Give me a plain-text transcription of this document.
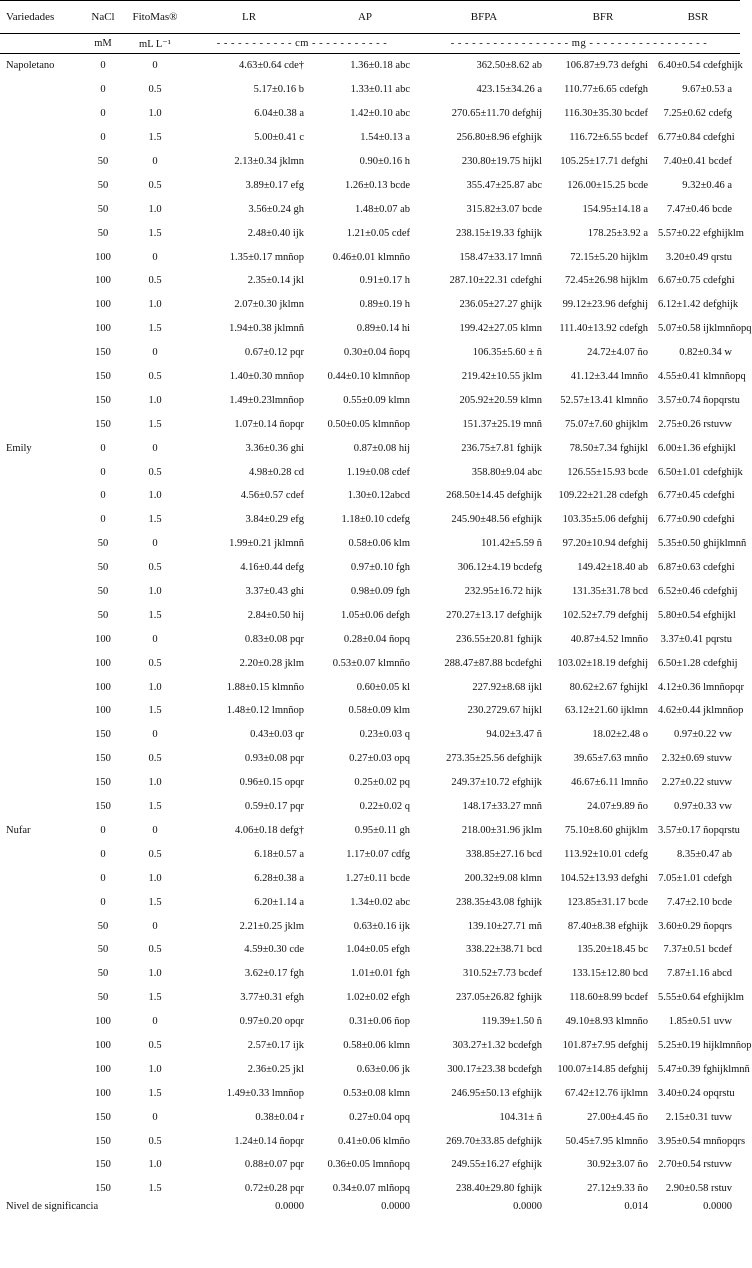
Variedades	NaCl	FitoMas®	LR	AP	BFPA	BFR	BSR
	mM	mL L⁻¹	- - - - - - - - - - - cm - - - - - - - - - - -		- - - - - - - - - - - - - - - - - mg - - - - - - - - - - - - - - - - -		
Napoletano	0	0	4.63±0.64 cde†	1.36±0.18 abc	362.50±8.62 ab	106.87±9.73 defghi	6.40±0.54 cdefghijk
	0	0.5	5.17±0.16 b	1.33±0.11 abc	423.15±34.26 a	110.77±6.65 cdefgh	9.67±0.53 a
	0	1.0	6.04±0.38 a	1.42±0.10 abc	270.65±11.70 defghij	116.30±35.30 bcdef	7.25±0.62 cdefg
	0	1.5	5.00±0.41 c	1.54±0.13 a	256.80±8.96 efghijk	116.72±6.55 bcdef	6.77±0.84 cdefghi
	50	0	2.13±0.34 jklmn	0.90±0.16 h	230.80±19.75 hijkl	105.25±17.71 defghi	7.40±0.41 bcdef
	50	0.5	3.89±0.17 efg	1.26±0.13 bcde	355.47±25.87 abc	126.00±15.25 bcde	9.32±0.46 a
	50	1.0	3.56±0.24 gh	1.48±0.07 ab	315.82±3.07 bcde	154.95±14.18 a	7.47±0.46 bcde
	50	1.5	2.48±0.40 ijk	1.21±0.05 cdef	238.15±19.33 fghijk	178.25±3.92 a	5.57±0.22 efghijklm
	100	0	1.35±0.17 mnñop	0.46±0.01 klmnño	158.47±33.17 lmnñ	72.15±5.20 hijklm	3.20±0.49 qrstu
	100	0.5	2.35±0.14 jkl	0.91±0.17 h	287.10±22.31 cdefghi	72.45±26.98 hijklm	6.67±0.75 cdefghi
	100	1.0	2.07±0.30 jklmn	0.89±0.19 h	236.05±27.27 ghijk	99.12±23.96 defghij	6.12±1.42 defghijk
	100	1.5	1.94±0.38 jklmnñ	0.89±0.14 hi	199.42±27.05 klmn	111.40±13.92 cdefgh	5.07±0.58 ijklmnñopq
	150	0	0.67±0.12 pqr	0.30±0.04 ñopq	106.35±5.60 ± ñ	24.72±4.07 ño	0.82±0.34 w
	150	0.5	1.40±0.30 mnñop	0.44±0.10 klmnñop	219.42±10.55 jklm	41.12±3.44 lmnño	4.55±0.41 klmnñopq
	150	1.0	1.49±0.23lmnñop	0.55±0.09 klmn	205.92±20.59 klmn	52.57±13.41 klmnño	3.57±0.74 ñopqrstu
	150	1.5	1.07±0.14 ñopqr	0.50±0.05 klmnñop	151.37±25.19 mnñ	75.07±7.60 ghijklm	2.75±0.26 rstuvw
Emily	0	0	3.36±0.36 ghi	0.87±0.08 hij	236.75±7.81 fghijk	78.50±7.34 fghijkl	6.00±1.36 efghijkl
	0	0.5	4.98±0.28 cd	1.19±0.08 cdef	358.80±9.04 abc	126.55±15.93 bcde	6.50±1.01 cdefghijk
	0	1.0	4.56±0.57 cdef	1.30±0.12abcd	268.50±14.45 defghijk	109.22±21.28 cdefgh	6.77±0.45 cdefghi
	0	1.5	3.84±0.29 efg	1.18±0.10 cdefg	245.90±48.56 efghijk	103.35±5.06 defghij	6.77±0.90 cdefghi
	50	0	1.99±0.21 jklmnñ	0.58±0.06 klm	101.42±5.59 ñ	97.20±10.94 defghij	5.35±0.50 ghijklmnñ
	50	0.5	4.16±0.44 defg	0.97±0.10 fgh	306.12±4.19 bcdefg	149.42±18.40 ab	6.87±0.63 cdefghi
	50	1.0	3.37±0.43 ghi	0.98±0.09 fgh	232.95±16.72 hijk	131.35±31.78 bcd	6.52±0.46 cdefghij
	50	1.5	2.84±0.50 hij	1.05±0.06 defgh	270.27±13.17 defghijk	102.52±7.79 defghij	5.80±0.54 efghijkl
	100	0	0.83±0.08 pqr	0.28±0.04 ñopq	236.55±20.81 fghijk	40.87±4.52 lmnño	3.37±0.41 pqrstu
	100	0.5	2.20±0.28 jklm	0.53±0.07 klmnño	288.47±87.88 bcdefghi	103.02±18.19 defghij	6.50±1.28 cdefghij
	100	1.0	1.88±0.15 klmnño	0.60±0.05 kl	227.92±8.68 ijkl	80.62±2.67 fghijkl	4.12±0.36 lmnñopqr
	100	1.5	1.48±0.12 lmnñop	0.58±0.09 klm	230.2729.67 hijkl	63.12±21.60 ijklmn	4.62±0.44 jklmnñop
	150	0	0.43±0.03 qr	0.23±0.03 q	94.02±3.47 ñ	18.02±2.48 o	0.97±0.22 vw
	150	0.5	0.93±0.08 pqr	0.27±0.03 opq	273.35±25.56 defghijk	39.65±7.63 mnño	2.32±0.69 stuvw
	150	1.0	0.96±0.15 opqr	0.25±0.02 pq	249.37±10.72 efghijk	46.67±6.11 lmnño	2.27±0.22 stuvw
	150	1.5	0.59±0.17 pqr	0.22±0.02 q	148.17±33.27 mnñ	24.07±9.89 ño	0.97±0.33 vw
Nufar	0	0	4.06±0.18 defg†	0.95±0.11 gh	218.00±31.96 jklm	75.10±8.60 ghijklm	3.57±0.17 ñopqrstu
	0	0.5	6.18±0.57 a	1.17±0.07 cdfg	338.85±27.16 bcd	113.92±10.01 cdefg	8.35±0.47 ab
	0	1.0	6.28±0.38 a	1.27±0.11 bcde	200.32±9.08 klmn	104.52±13.93 defghi	7.05±1.01 cdefgh
	0	1.5	6.20±1.14 a	1.34±0.02 abc	238.35±43.08 fghijk	123.85±31.17 bcde	7.47±2.10 bcde
	50	0	2.21±0.25 jklm	0.63±0.16 ijk	139.10±27.71 mñ	87.40±8.38 efghijk	3.60±0.29 ñopqrs
	50	0.5	4.59±0.30 cde	1.04±0.05 efgh	338.22±38.71 bcd	135.20±18.45 bc	7.37±0.51 bcdef
	50	1.0	3.62±0.17 fgh	1.01±0.01 fgh	310.52±7.73 bcdef	133.15±12.80 bcd	7.87±1.16 abcd
	50	1.5	3.77±0.31 efgh	1.02±0.02 efgh	237.05±26.82 fghijk	118.60±8.99 bcdef	5.55±0.64 efghijklm
	100	0	0.97±0.20 opqr	0.31±0.06 ñop	119.39±1.50 ñ	49.10±8.93 klmnño	1.85±0.51 uvw
	100	0.5	2.57±0.17 ijk	0.58±0.06 klmn	303.27±1.32 bcdefgh	101.87±7.95 defghij	5.25±0.19 hijklmnñop
	100	1.0	2.36±0.25 jkl	0.63±0.06 jk	300.17±23.38 bcdefgh	100.07±14.85 defghij	5.47±0.39 fghijklmnñ
	100	1.5	1.49±0.33 lmnñop	0.53±0.08 klmn	246.95±50.13 efghijk	67.42±12.76 ijklmn	3.40±0.24 opqrstu
	150	0	0.38±0.04 r	0.27±0.04 opq	104.31± ñ	27.00±4.45 ño	2.15±0.31 tuvw
	150	0.5	1.24±0.14 ñopqr	0.41±0.06 klmño	269.70±33.85 defghijk	50.45±7.95 klmnño	3.95±0.54 mnñopqrs
	150	1.0	0.88±0.07 pqr	0.36±0.05 lmnñopq	249.55±16.27 efghijk	30.92±3.07 ño	2.70±0.54 rstuvw
	150	1.5	0.72±0.28 pqr	0.34±0.07 mlñopq	238.40±29.80 fghijk	27.12±9.33 ño	2.90±0.58 rstuv
Nivel de significancia			0.0000	0.0000	0.0000	0.014	0.0000
